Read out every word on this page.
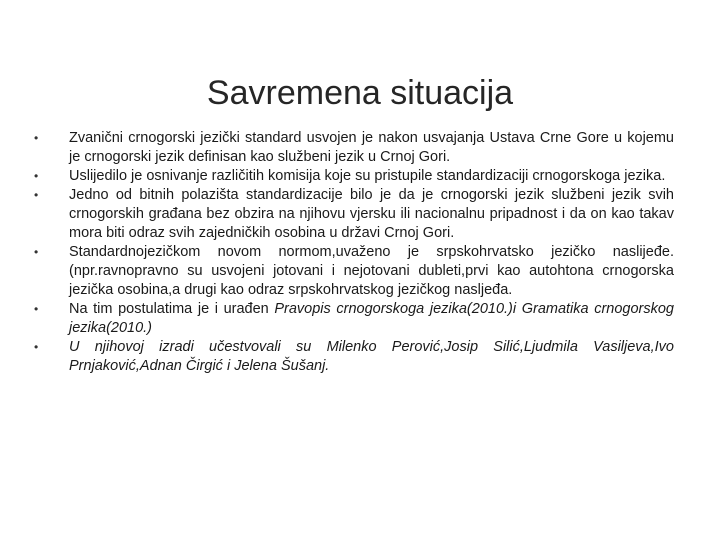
Savremena situacija
•	Zvanični crnogorski jezički standard usvojen je nakon usvajanja Ustava Crne Gore u kojemu je crnogorski jezik definisan kao službeni jezik u Crnoj Gori.
•	Uslijedilo je osnivanje različitih komisija koje su pristupile standardizaciji crnogorskoga jezika.
•	Jedno od bitnih polazišta standardizacije bilo je da je crnogorski jezik službeni jezik svih crnogorskih građana bez obzira na njihovu vjersku ili nacionalnu pripadnost i da on kao takav mora biti odraz svih zajedničkih osobina u državi Crnoj Gori.
•	Standardnojezičkom novom normom,uvaženo je srpskohrvatsko jezičko naslijeđe.(npr.ravnopravno su usvojeni jotovani i nejotovani dubleti,prvi kao autohtona crnogorska jezička osobina,a drugi kao odraz srpskohrvatskog jezičkog naslјeđa.
•	Na tim postulatima je i urađen Pravopis crnogorskoga jezika(2010.)i Gramatika crnogorskog jezika(2010.)
•	U njihovoj izradi učestvovali su Milenko Perović,Josip Silić,Ljudmila Vasiljeva,Ivo Prnjaković,Adnan Čirgić i Jelena Šušanj.
